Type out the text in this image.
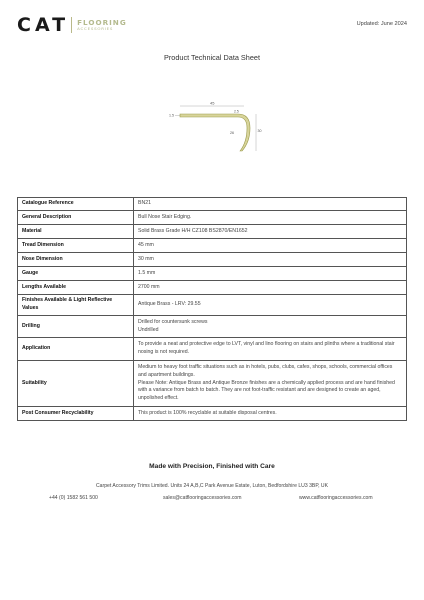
CAT FLOORING
ACCESSORIES
Updated: June 2024
Product Technical Data Sheet
45
1.5
2.5
26	30
Catalogue Reference	BN21

General Description	Bull Nose Stair Edging.

Material	Solid Brass Grade H/H CZ108 BS2870/EN1652

Tread Dimension	45 mm

Nose Dimension	30 mm

Gauge	1.5 mm

Lengths Available	2700 mm

Finishes Available & Light Reflective Values	Antique Brass - LRV: 29.55

Drilling	Drilled for countersunk screws
Undrilled

Application	To provide a neat and protective edge to LVT, vinyl and lino flooring on stairs and plinths where a traditional stair nosing is not required.

Suitability	Medium to heavy foot traffic situations such as in hotels, pubs, clubs, cafes, shops, schools, commercial offices and apartment buildings.
Please Note: Antique Brass and Antique Bronze finishes are a chemically applied process and are hand finished with a variance from batch to batch. They are not foot-traffic resistant and are designed to create an aged, unpolished effect.

Post Consumer Recyclability	This product is 100% recyclable at suitable disposal centres.
Made with Precision, Finished with Care
Carpet Accessory Trims Limited. Units 24 A,B,C Park Avenue Estate, Luton, Bedfordshire LU3 3BP, UK
+44 (0) 1582 561 500	sales@catflooringaccessories.com	www.catflooringaccessories.com
